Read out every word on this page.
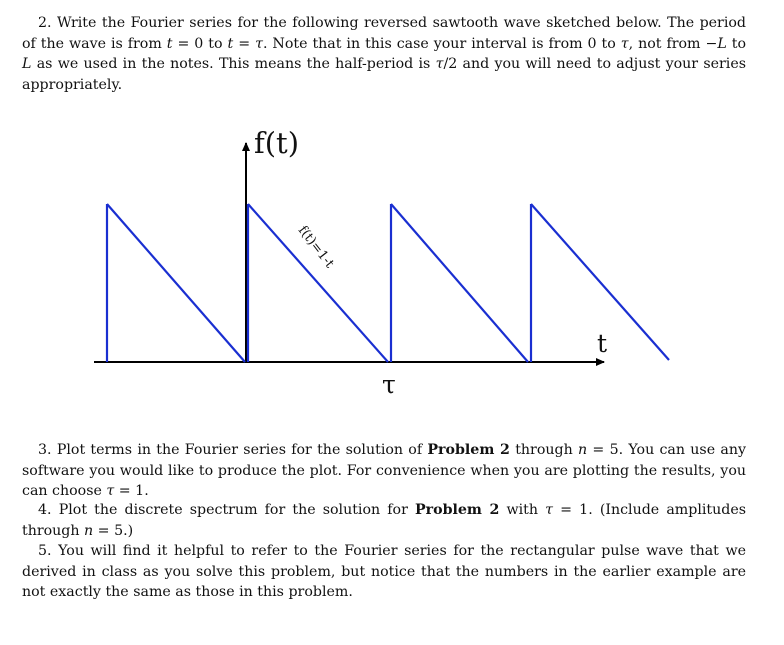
2. Write the Fourier series for the following reversed sawtooth wave sketched below. The period of the wave is from t = 0 to t = τ. Note that in this case your interval is from 0 to τ, not from −L to L as we used in the notes. This means the half-period is τ/2 and you will need to adjust your series appropriately.

f(t)
t
τ
f(t)=1-t

3. Plot terms in the Fourier series for the solution of Problem 2 through n = 5. You can use any software you would like to produce the plot. For convenience when you are plotting the results, you can choose τ = 1.

4. Plot the discrete spectrum for the solution for Problem 2 with τ = 1. (Include amplitudes through n = 5.)

5. You will find it helpful to refer to the Fourier series for the rectangular pulse wave that we derived in class as you solve this problem, but notice that the numbers in the earlier example are not exactly the same as those in this problem.
